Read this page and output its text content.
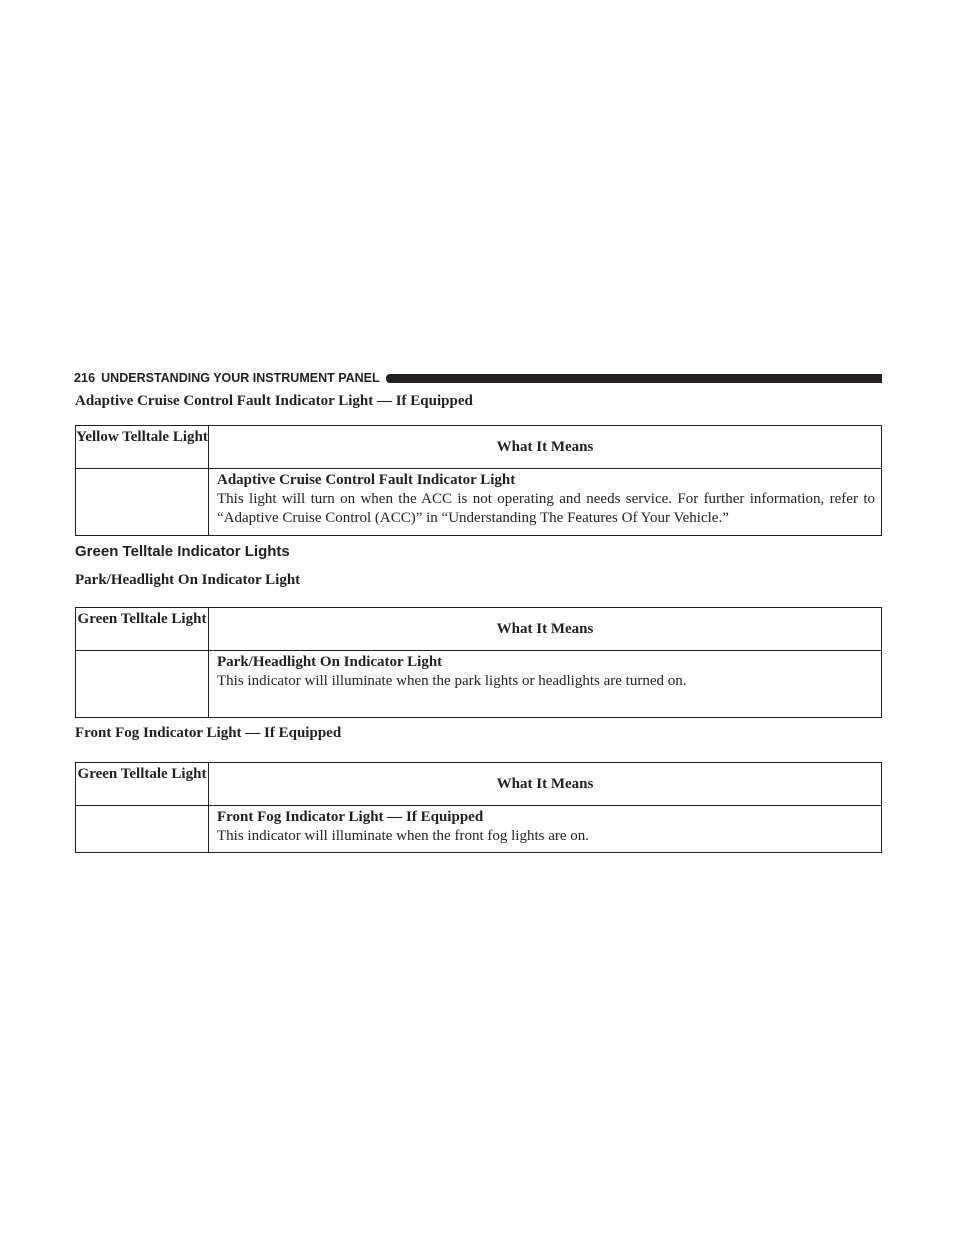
216 UNDERSTANDING YOUR INSTRUMENT PANEL
Adaptive Cruise Control Fault Indicator Light — If Equipped
Yellow Telltale Light	What It Means

	Adaptive Cruise Control Fault Indicator Light
This light will turn on when the ACC is not operating and needs service. For further information, refer to “Adaptive Cruise Control (ACC)” in “Understanding The Features Of Your Vehicle.”
Green Telltale Indicator Lights
Park/Headlight On Indicator Light
Green Telltale Light	What It Means

	Park/Headlight On Indicator Light
This indicator will illuminate when the park lights or headlights are turned on.
Front Fog Indicator Light — If Equipped
Green Telltale Light	What It Means

	Front Fog Indicator Light — If Equipped
This indicator will illuminate when the front fog lights are on.
